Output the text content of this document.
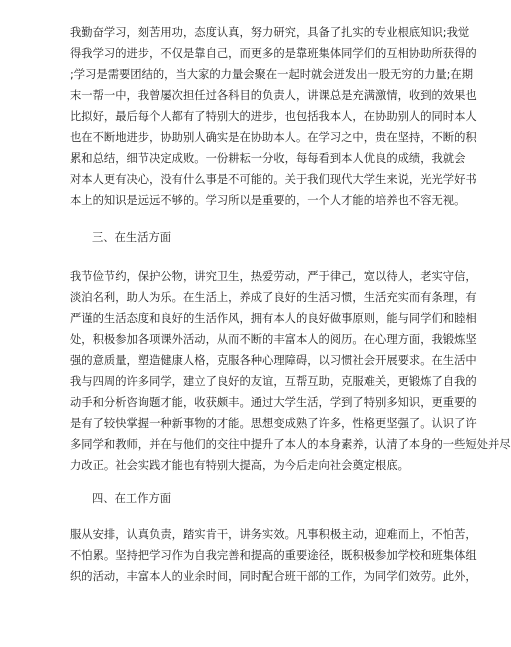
我勤奋学习，刻苦用功，态度认真，努力研究，具备了扎实的专业根底知识;我觉
得我学习的进步，不仅是靠自己，而更多的是靠班集体同学们的互相协助所获得的
;学习是需要团结的，当大家的力量会聚在一起时就会迸发出一股无穷的力量;在期
末一帮一中，我曾屡次担任过各科目的负责人，讲课总是充满激情，收到的效果也
比拟好，最后每个人都有了特别大的进步，也包括我本人，在协助别人的同时本人
也在不断地进步，协助别人确实是在协助本人。在学习之中，贵在坚持，不断的积
累和总结，细节决定成败。一份耕耘一分收，每每看到本人优良的成绩，我就会
对本人更有决心，没有什么事是不可能的。关于我们现代大学生来说，光光学好书
本上的知识是远远不够的。学习所以是重要的，一个人才能的培养也不容无视。
三、在生活方面
我节俭节约，保护公物，讲究卫生，热爱劳动，严于律己，宽以待人，老实守信，
淡泊名利，助人为乐。在生活上，养成了良好的生活习惯，生活充实而有条理，有
严谨的生活态度和良好的生活作风，拥有本人的良好做事原则，能与同学们和睦相
处，积极参加各项课外活动，从而不断的丰富本人的阅历。在心理方面，我锻炼坚
强的意质量，塑造健康人格，克服各种心理障碍，以习惯社会开展要求。在生活中
我与四周的许多同学，建立了良好的友谊，互帮互助，克服难关，更锻炼了自我的
动手和分析咨询题才能，收获颇丰。通过大学生活，学到了特别多知识，更重要的
是有了较快掌握一种新事物的才能。思想变成熟了许多，性格更坚强了。认识了许
多同学和教师，并在与他们的交往中提升了本人的本身素养，认清了本身的一些短处并尽
力改正。社会实践才能也有特别大提高，为今后走向社会奠定根底。
四、在工作方面
服从安排，认真负责，踏实肯干，讲务实效。凡事积极主动，迎难而上，不怕苦，
不怕累。坚持把学习作为自我完善和提高的重要途径，既积极参加学校和班集体组
织的活动，丰富本人的业余时间，同时配合班干部的工作，为同学们效劳。此外，
